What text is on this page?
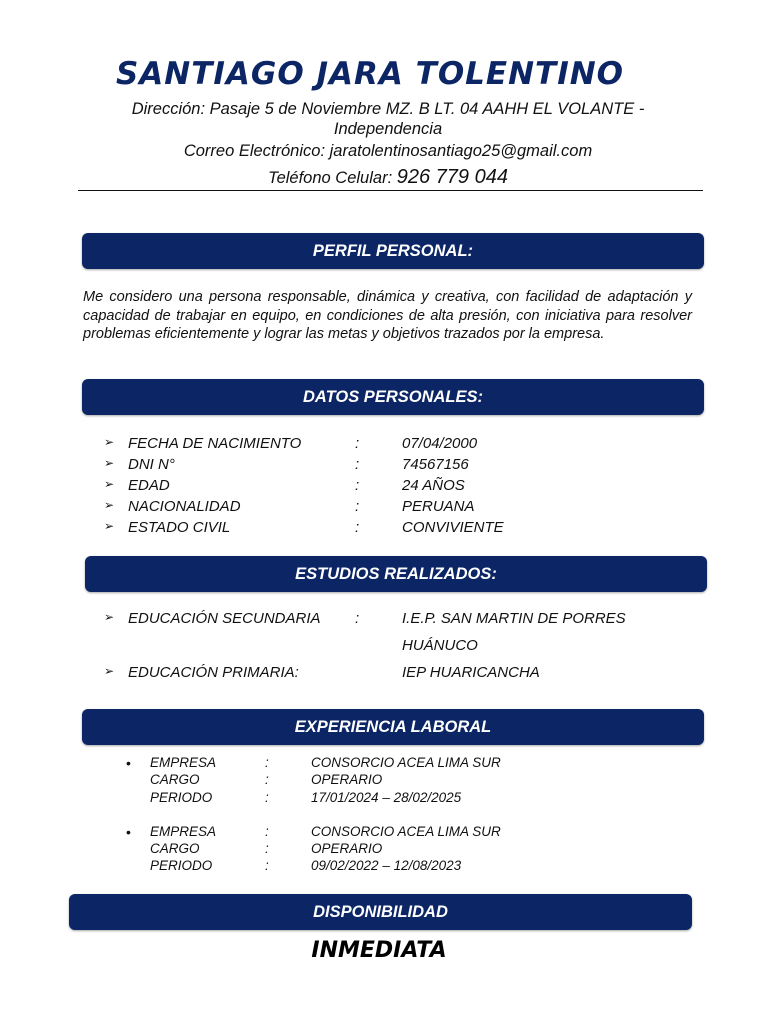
SANTIAGO JARA TOLENTINO
Dirección: Pasaje 5 de Noviembre MZ. B LT. 04 AAHH EL VOLANTE -
Independencia
Correo Electrónico: jaratolentinosantiago25@gmail.com
Teléfono Celular: 926 779 044
PERFIL PERSONAL:
Me considero una persona responsable, dinámica y creativa, con facilidad de adaptación y capacidad de trabajar en equipo, en condiciones de alta presión, con iniciativa para resolver problemas eficientemente y lograr las metas y objetivos trazados por la empresa.
DATOS PERSONALES:
➢ FECHA DE NACIMIENTO	:	07/04/2000
➢ DNI N°	:	74567156
➢ EDAD	:	24 AÑOS
➢ NACIONALIDAD	:	PERUANA
➢ ESTADO CIVIL	:	CONVIVIENTE
ESTUDIOS REALIZADOS:
➢ EDUCACIÓN SECUNDARIA :	I.E.P. SAN MARTIN DE PORRES
HUÁNUCO
➢ EDUCACIÓN PRIMARIA:	IEP HUARICANCHA
EXPERIENCIA LABORAL
• EMPRESA	:	CONSORCIO ACEA LIMA SUR
CARGO	:	OPERARIO
PERIODO	:	17/01/2024 – 28/02/2025
• EMPRESA	:	CONSORCIO ACEA LIMA SUR
CARGO	:	OPERARIO
PERIODO	:	09/02/2022 – 12/08/2023
DISPONIBILIDAD
INMEDIATA
